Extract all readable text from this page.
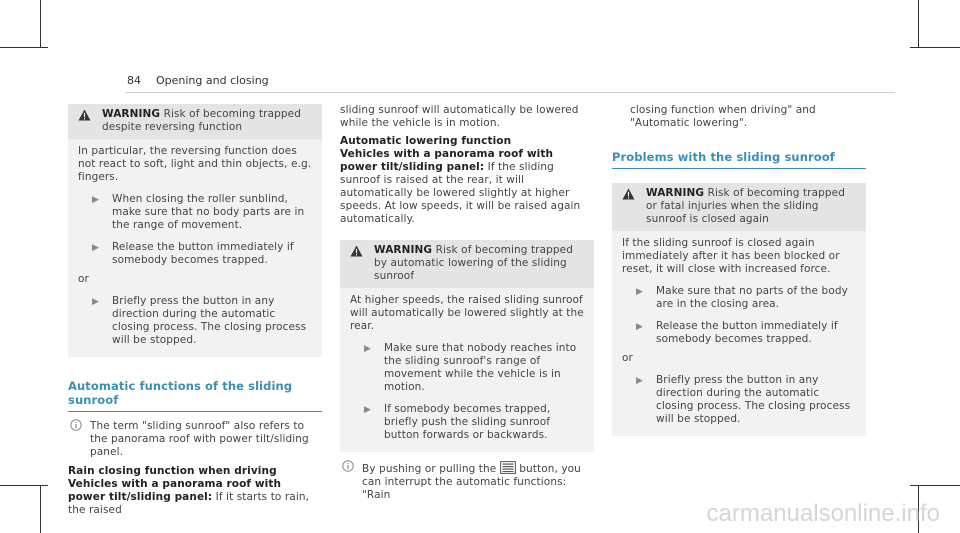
84 Opening and closing
WARNING Risk of becoming trapped despite reversing function

In particular, the reversing function does not react to soft, light and thin objects, e.g. fingers.

▶ When closing the roller sunblind, make sure that no body parts are in the range of movement.
▶ Release the button immediately if somebody becomes trapped.

or

▶ Briefly press the button in any direction during the automatic closing process. The closing process will be stopped.
Automatic functions of the sliding sunroof
The term "sliding sunroof" also refers to the panorama roof with power tilt/sliding panel.

Rain closing function when driving

Vehicles with a panorama roof with power tilt/sliding panel: If it starts to rain, the raised

sliding sunroof will automatically be lowered while the vehicle is in motion.

Automatic lowering function

Vehicles with a panorama roof with power tilt/sliding panel: If the sliding sunroof is raised at the rear, it will automatically be lowered slightly at higher speeds. At low speeds, it will be raised again automatically.

WARNING Risk of becoming trapped by automatic lowering of the sliding sunroof

At higher speeds, the raised sliding sunroof will automatically be lowered slightly at the rear.

▶ Make sure that nobody reaches into the sliding sunroof's range of movement while the vehicle is in motion.
▶ If somebody becomes trapped, briefly push the sliding sunroof button forwards or backwards.
By pushing or pulling the button, you can interrupt the automatic functions: "Rain

closing function when driving" and "Automatic lowering".

Problems with the sliding sunroof
WARNING Risk of becoming trapped or fatal injuries when the sliding sunroof is closed again

If the sliding sunroof is closed again immediately after it has been blocked or reset, it will close with increased force.

▶ Make sure that no parts of the body are in the closing area.
▶ Release the button immediately if somebody becomes trapped.

or

▶ Briefly press the button in any direction during the automatic closing process. The closing process will be stopped.
carmanualsonline.info
